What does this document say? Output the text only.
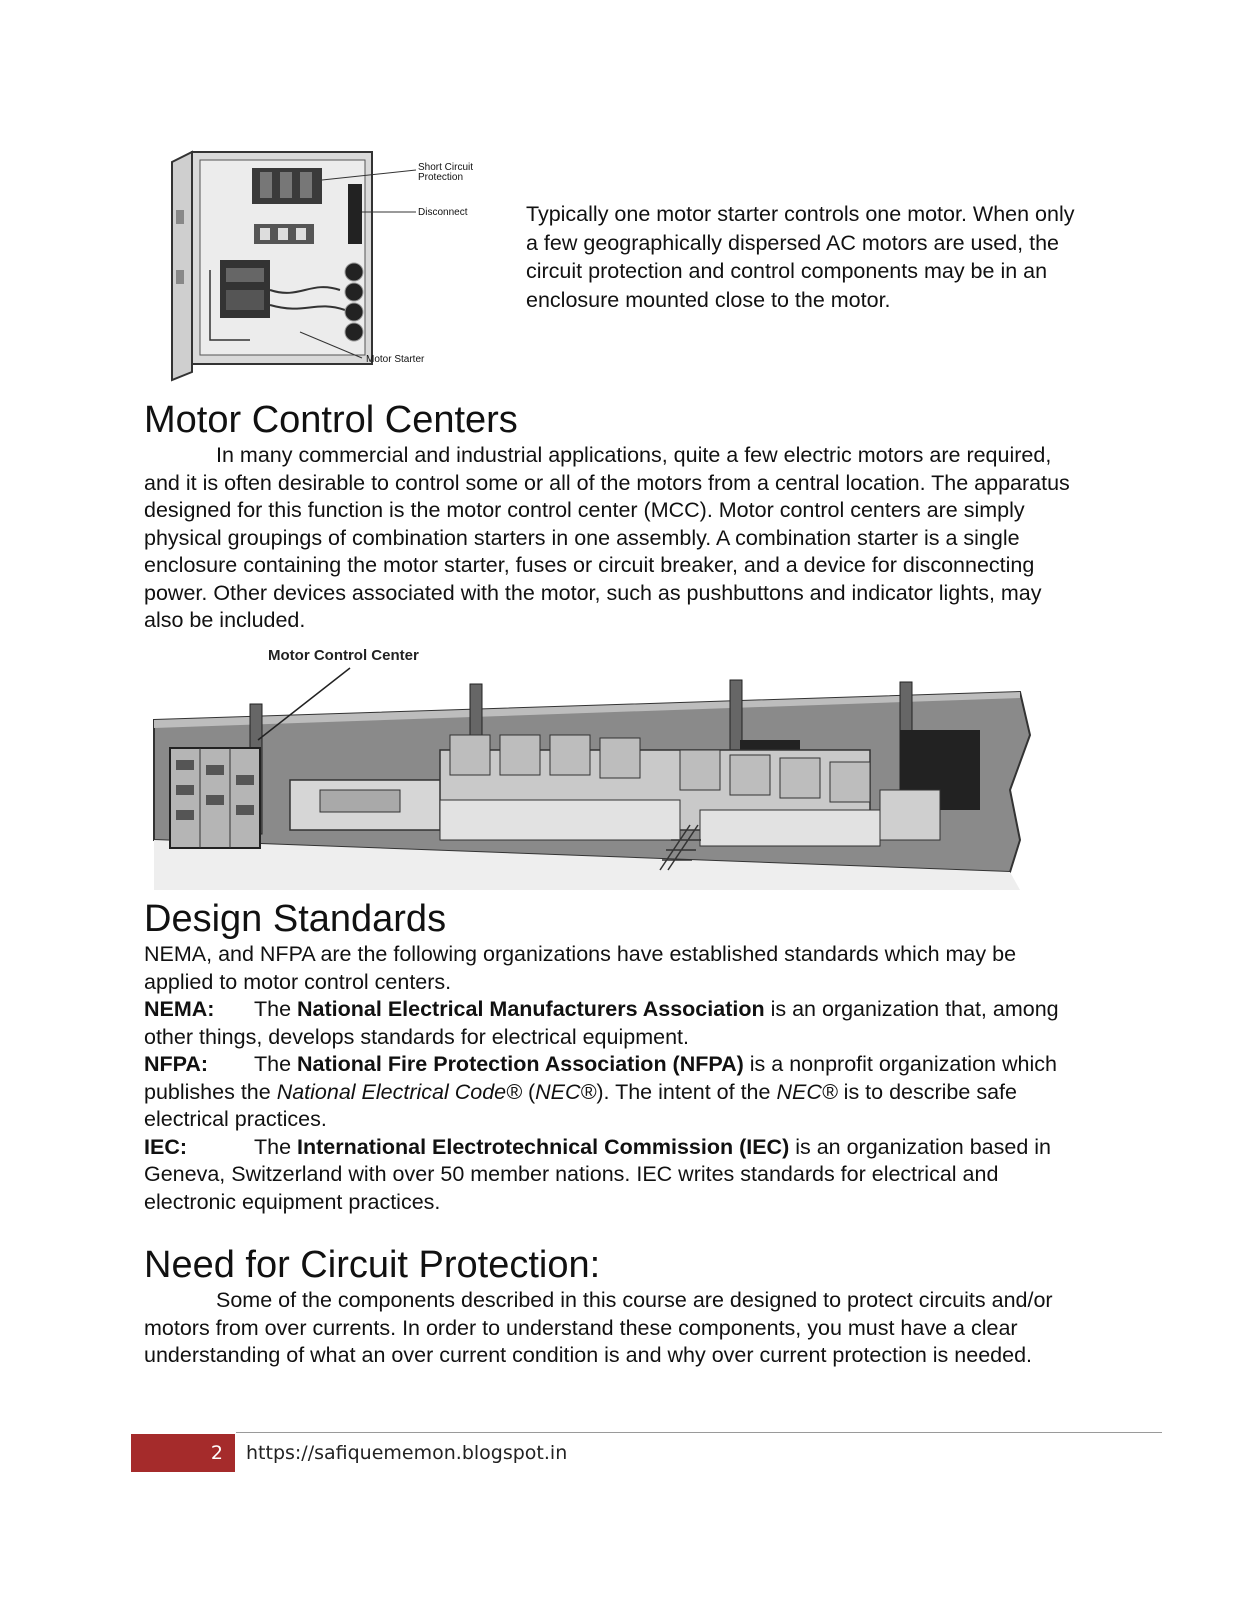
Short Circuit Protection
Disconnect
Motor Starter
Typically one motor starter controls one motor. When only a few geographically dispersed AC motors are used, the circuit protection and control components may be in an enclosure mounted close to the motor.
Motor Control Centers
In many commercial and industrial applications, quite a few electric motors are required, and it is often desirable to control some or all of the motors from a central location. The apparatus designed for this function is the motor control center (MCC). Motor control centers are simply physical groupings of combination starters in one assembly. A combination starter is a single enclosure containing the motor starter, fuses or circuit breaker, and a device for disconnecting power. Other devices associated with the motor, such as pushbuttons and indicator lights, may also be included.
Motor Control Center
Design Standards
NEMA, and NFPA are the following organizations have established standards which may be applied to motor control centers.
NEMA: The National Electrical Manufacturers Association is an organization that, among other things, develops standards for electrical equipment.
NFPA: The National Fire Protection Association (NFPA) is a nonprofit organization which publishes the National Electrical Code® (NEC®). The intent of the NEC® is to describe safe electrical practices.
IEC:	The International Electrotechnical Commission (IEC) is an organization based in Geneva, Switzerland with over 50 member nations. IEC writes standards for electrical and electronic equipment practices.
Need for Circuit Protection:
Some of the components described in this course are designed to protect circuits and/or motors from over currents. In order to understand these components, you must have a clear understanding of what an over current condition is and why over current protection is needed.
2 https://safiquememon.blogspot.in
